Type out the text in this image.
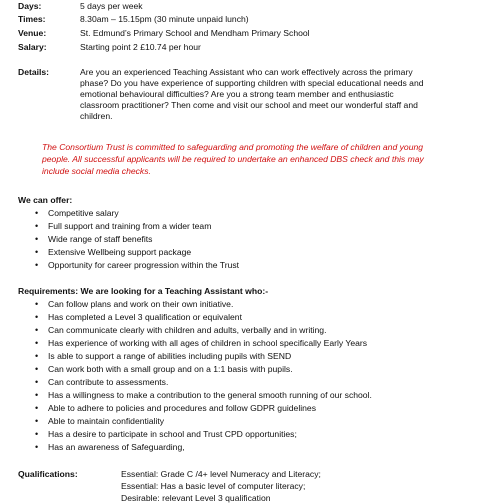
Days:	5 days per week
Times:	8.30am – 15.15pm (30 minute unpaid lunch)
Venue:	St. Edmund’s Primary School and Mendham Primary School
Salary:	Starting point 2 £10.74 per hour
Details:	Are you an experienced Teaching Assistant who can work effectively across the primary
phase? Do you have experience of supporting children with special educational needs and
emotional behavioural difficulties? Are you a strong team member and enthusiastic
classroom practitioner? Then come and visit our school and meet our wonderful staff and
children.
The Consortium Trust is committed to safeguarding and promoting the welfare of children and young
people. All successful applicants will be required to undertake an enhanced DBS check and this may
include social media checks.
We can offer:
• Competitive salary
• Full support and training from a wider team
• Wide range of staff benefits
• Extensive Wellbeing support package
• Opportunity for career progression within the Trust
Requirements: We are looking for a Teaching Assistant who:-
• Can follow plans and work on their own initiative.
• Has completed a Level 3 qualification or equivalent
• Can communicate clearly with children and adults, verbally and in writing.
• Has experience of working with all ages of children in school specifically Early Years
• Is able to support a range of abilities including pupils with SEND
• Can work both with a small group and on a 1:1 basis with pupils.
• Can contribute to assessments.
• Has a willingness to make a contribution to the general smooth running of our school.
• Able to adhere to policies and procedures and follow GDPR guidelines
• Able to maintain confidentiality
• Has a desire to participate in school and Trust CPD opportunities;
• Has an awareness of Safeguarding,
Qualifications:	Essential: Grade C /4+ level Numeracy and Literacy;
Essential: Has a basic level of computer literacy;
Desirable: relevant Level 3 qualification
